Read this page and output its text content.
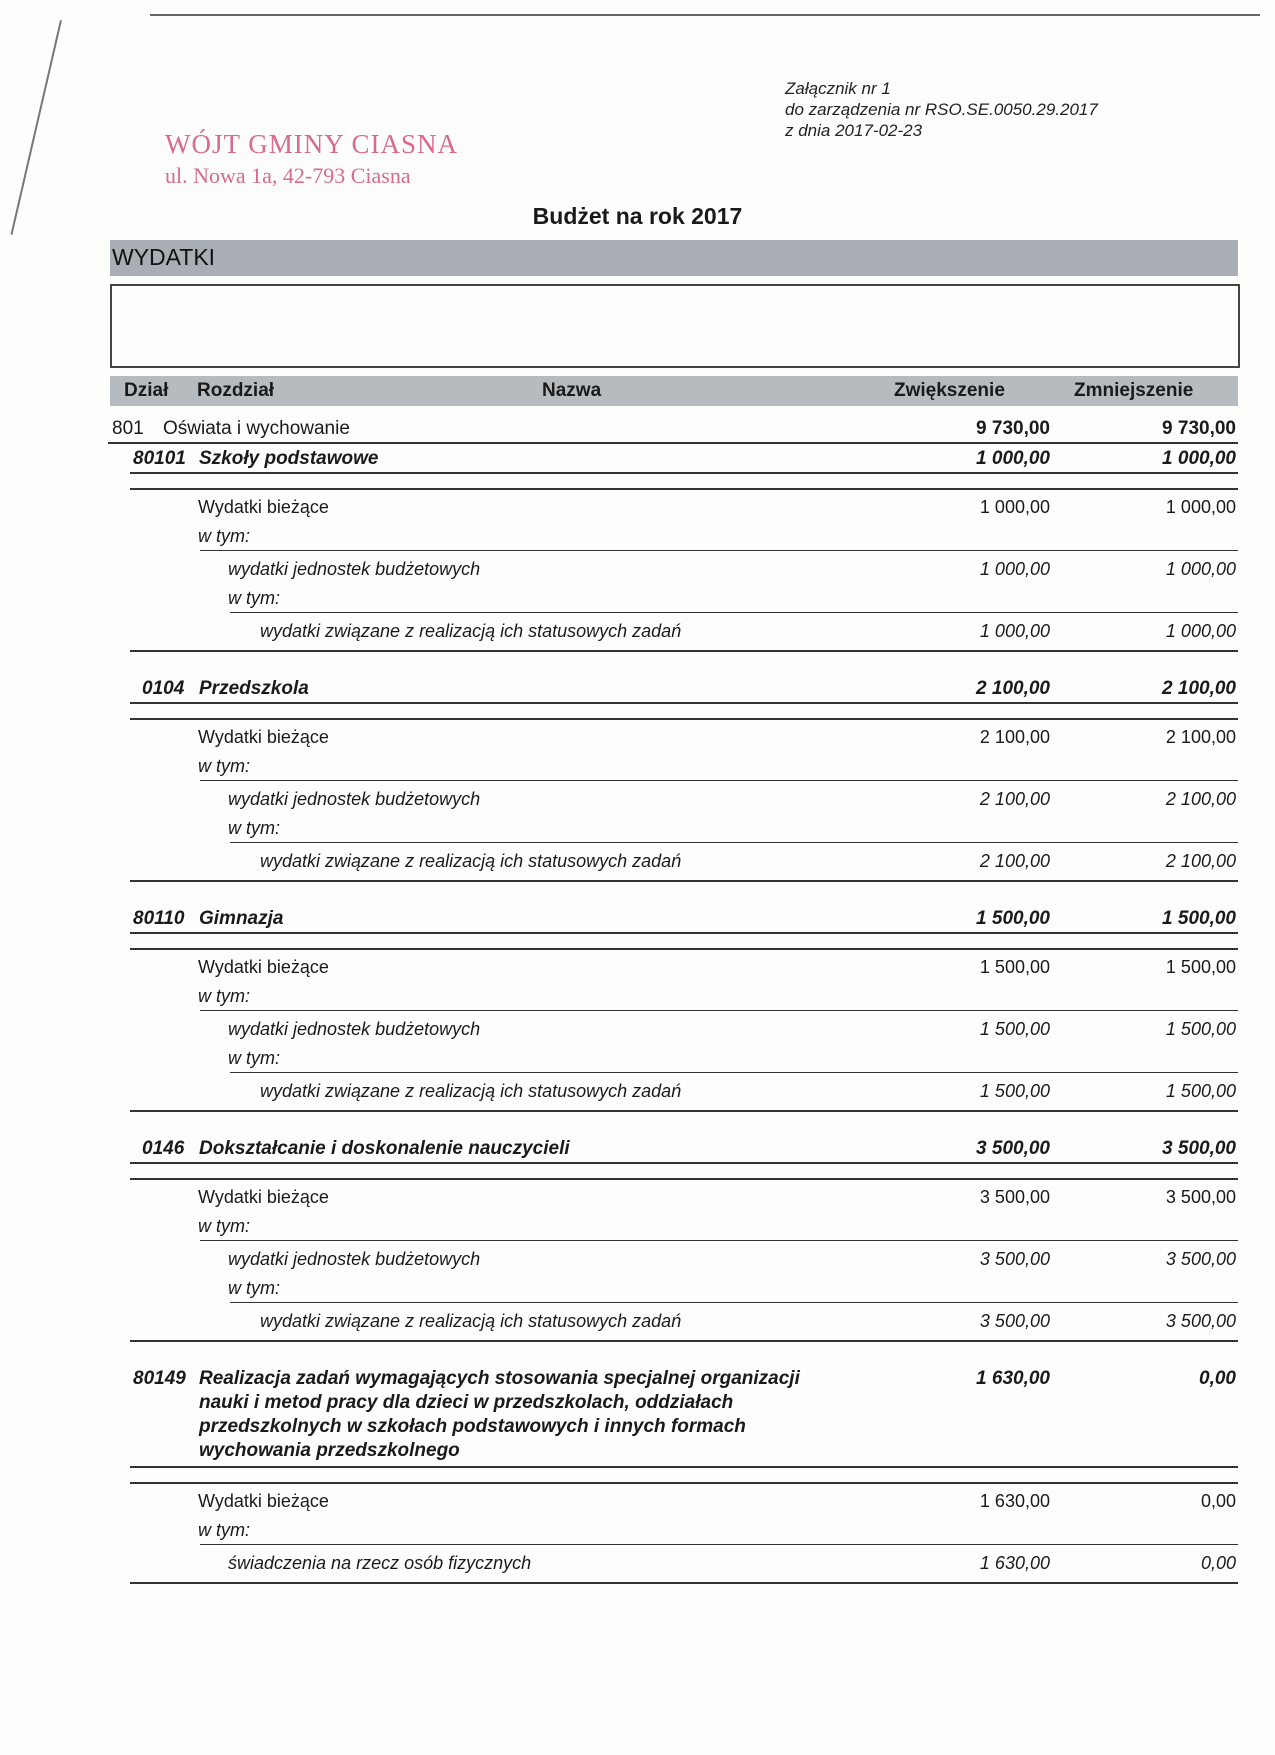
WÓJT GMINY CIASNA
ul. Nowa 1a, 42-793 Ciasna
Załącznik nr 1
do zarządzenia nr RSO.SE.0050.29.2017
z dnia 2017-02-23
Budżet na rok 2017
WYDATKI
Dział Rozdział	Nazwa	Zwiększenie	Zmniejszenie
801 Oświata i wychowanie	9 730,00	9 730,00
80101 Szkoły podstawowe	1 000,00	1 000,00
Wydatki bieżące	1 000,00	1 000,00
w tym:
wydatki jednostek budżetowych	1 000,00	1 000,00
w tym:
wydatki związane z realizacją ich statusowych zadań	1 000,00	1 000,00
0104 Przedszkola	2 100,00	2 100,00
Wydatki bieżące	2 100,00	2 100,00
w tym:
wydatki jednostek budżetowych	2 100,00	2 100,00
w tym:
wydatki związane z realizacją ich statusowych zadań	2 100,00	2 100,00
80110 Gimnazja	1 500,00	1 500,00
Wydatki bieżące	1 500,00	1 500,00
w tym:
wydatki jednostek budżetowych	1 500,00	1 500,00
w tym:
wydatki związane z realizacją ich statusowych zadań	1 500,00	1 500,00
0146 Dokształcanie i doskonalenie nauczycieli	3 500,00	3 500,00
Wydatki bieżące	3 500,00	3 500,00
w tym:
wydatki jednostek budżetowych	3 500,00	3 500,00
w tym:
wydatki związane z realizacją ich statusowych zadań	3 500,00	3 500,00
80149 Realizacja zadań wymagających stosowania specjalnej organizacji
nauki i metod pracy dla dzieci w przedszkolach, oddziałach
przedszkolnych w szkołach podstawowych i innych formach
wychowania przedszkolnego
1 630,00	0,00
Wydatki bieżące	1 630,00	0,00
w tym:
świadczenia na rzecz osób fizycznych	1 630,00	0,00
